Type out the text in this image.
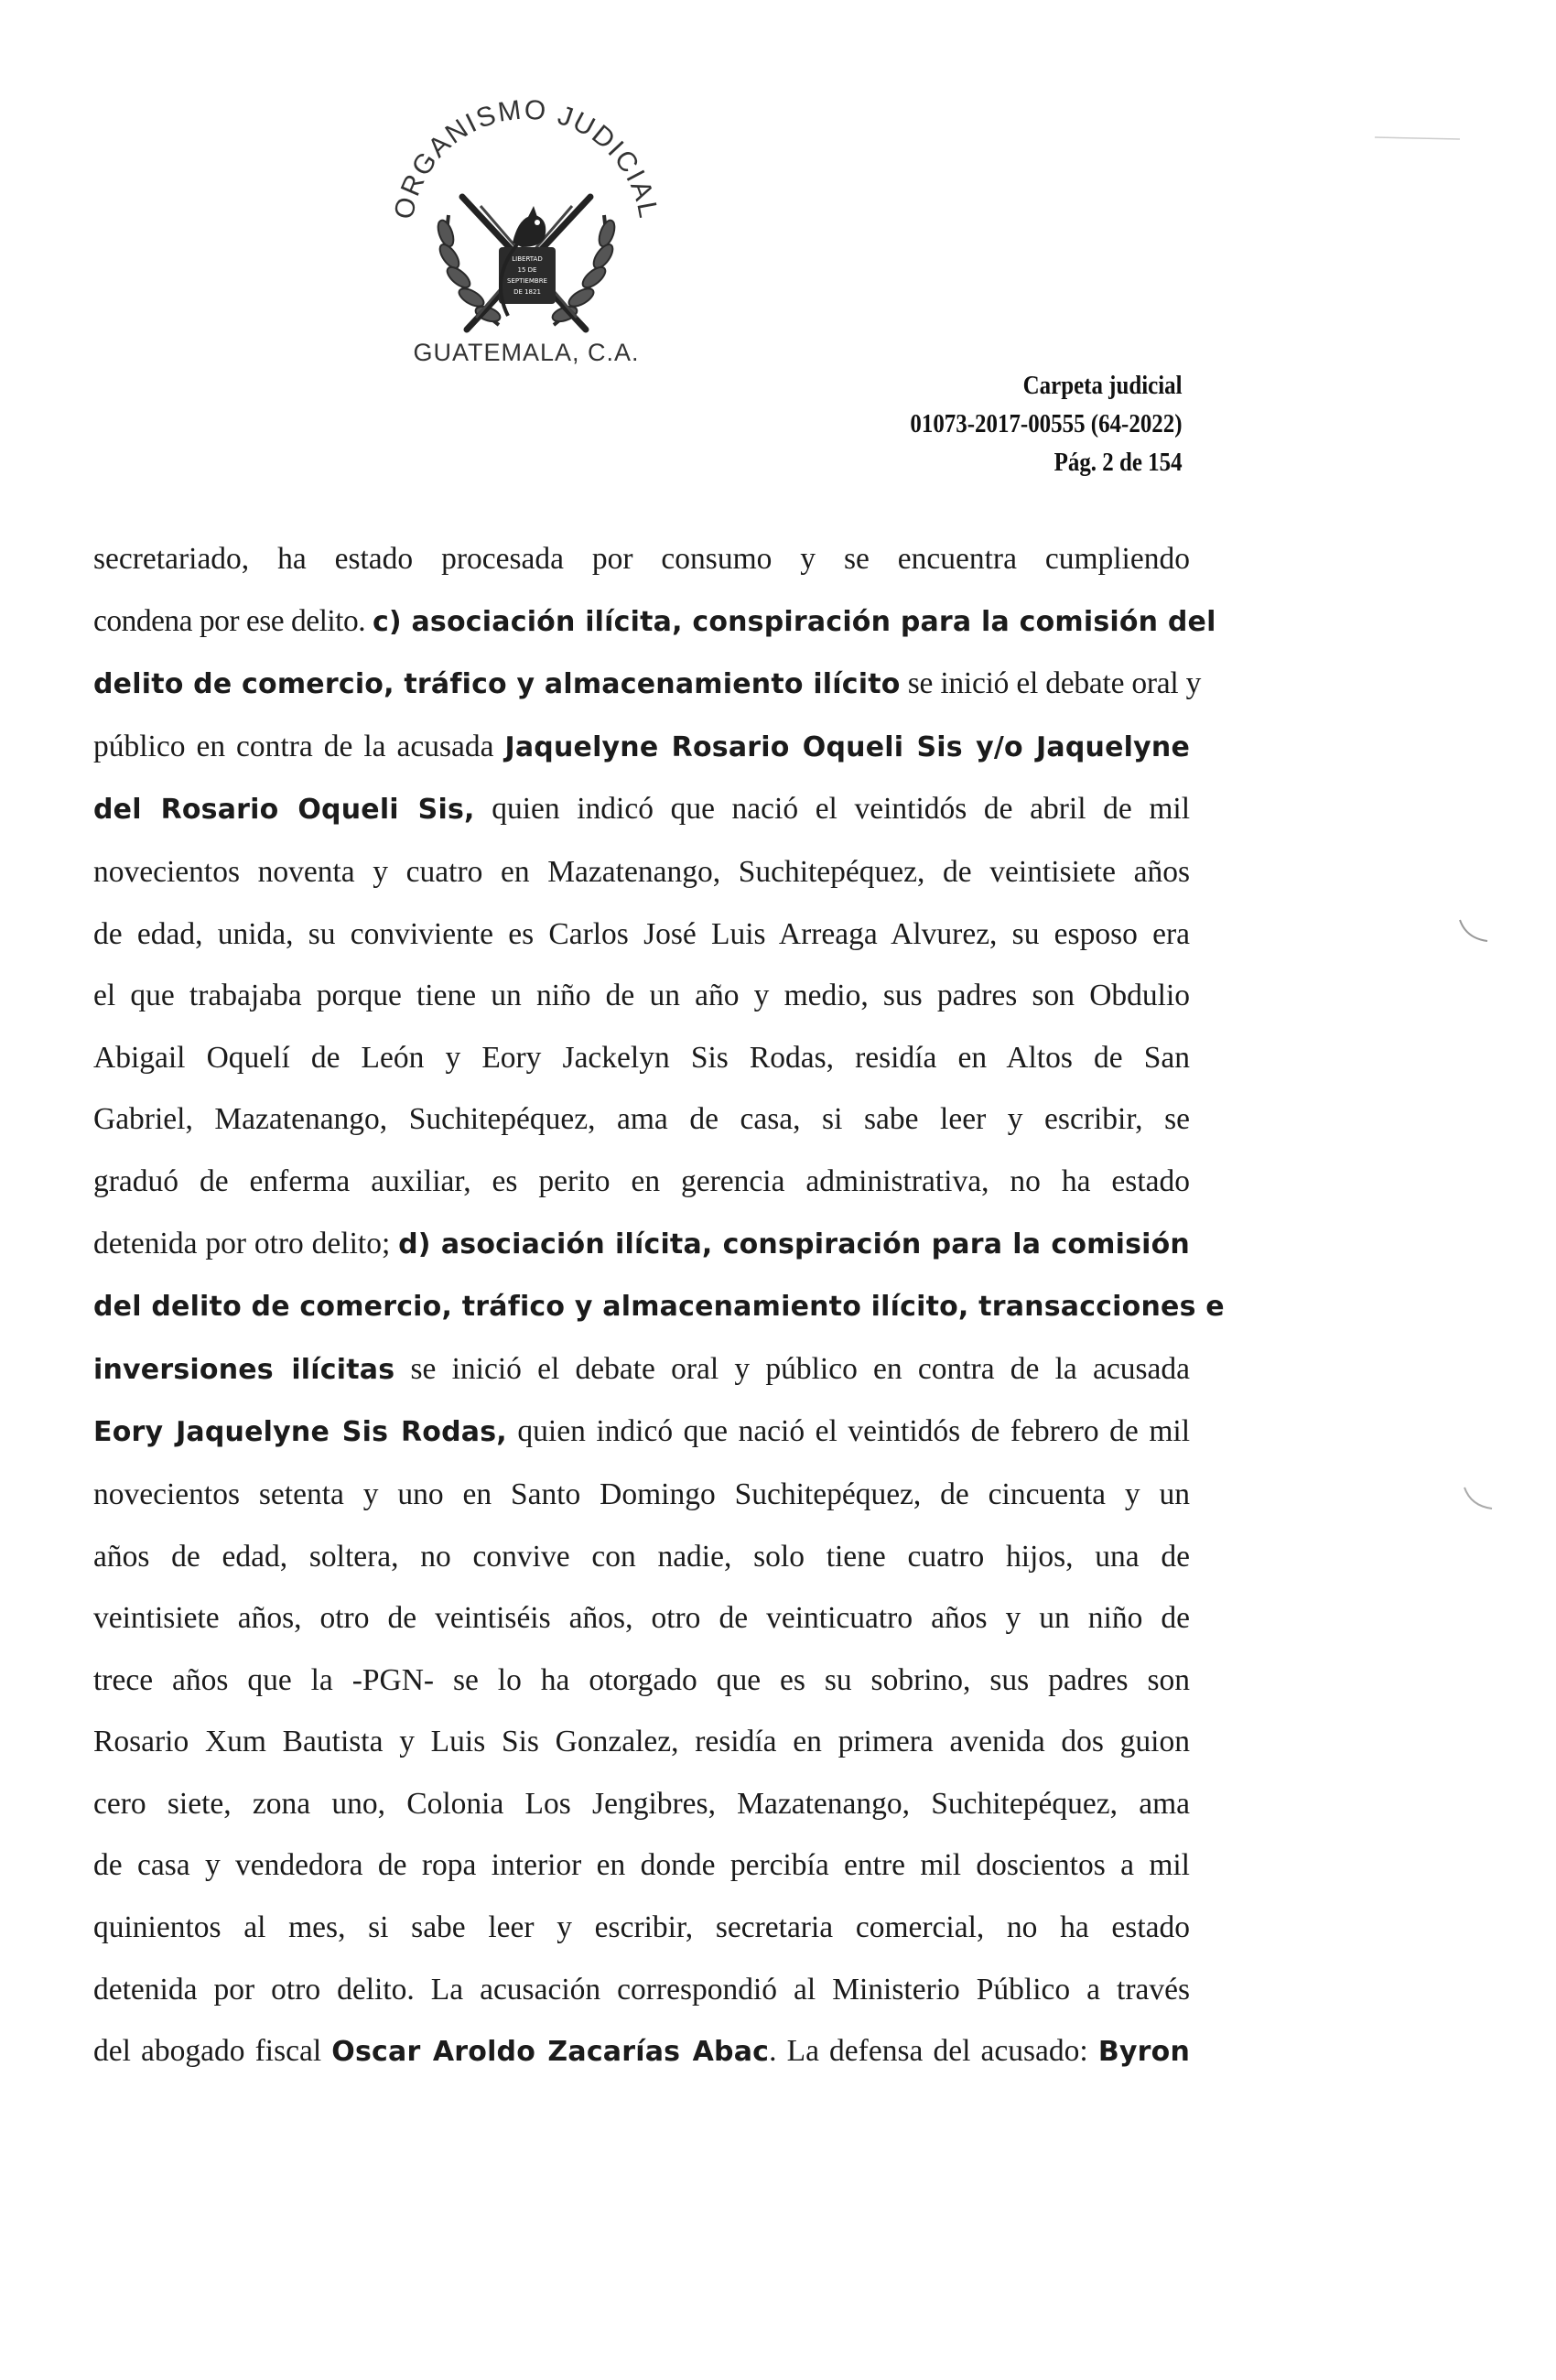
ORGANISMO JUDICIAL
LIBERTAD
15 DE
SEPTIEMBRE
DE 1821
GUATEMALA, C.A.
Carpeta judicial
01073-2017-00555 (64-2022)
Pág. 2 de 154
secretariado, ha estado procesada por consumo y se encuentra cumpliendo
condena por ese delito. c) asociación ilícita, conspiración para la comisión del
delito de comercio, tráfico y almacenamiento ilícito se inició el debate oral y
público en contra de la acusada Jaquelyne Rosario Oqueli Sis y/o Jaquelyne
del Rosario Oqueli Sis, quien indicó que nació el veintidós de abril de mil
novecientos noventa y cuatro en Mazatenango, Suchitepéquez, de veintisiete años
de edad, unida, su conviviente es Carlos José Luis Arreaga Alvurez, su esposo era
el que trabajaba porque tiene un niño de un año y medio, sus padres son Obdulio
Abigail Oquelí de León y Eory Jackelyn Sis Rodas, residía en Altos de San
Gabriel, Mazatenango, Suchitepéquez, ama de casa, si sabe leer y escribir, se
graduó de enferma auxiliar, es perito en gerencia administrativa, no ha estado
detenida por otro delito; d) asociación ilícita, conspiración para la comisión
del delito de comercio, tráfico y almacenamiento ilícito, transacciones e
inversiones ilícitas se inició el debate oral y público en contra de la acusada
Eory Jaquelyne Sis Rodas, quien indicó que nació el veintidós de febrero de mil
novecientos setenta y uno en Santo Domingo Suchitepéquez, de cincuenta y un
años de edad, soltera, no convive con nadie, solo tiene cuatro hijos, una de
veintisiete años, otro de veintiséis años, otro de veinticuatro años y un niño de
trece años que la -PGN- se lo ha otorgado que es su sobrino, sus padres son
Rosario Xum Bautista y Luis Sis Gonzalez, residía en primera avenida dos guion
cero siete, zona uno, Colonia Los Jengibres, Mazatenango, Suchitepéquez, ama
de casa y vendedora de ropa interior en donde percibía entre mil doscientos a mil
quinientos al mes, si sabe leer y escribir, secretaria comercial, no ha estado
detenida por otro delito. La acusación correspondió al Ministerio Público a través
del abogado fiscal Oscar Aroldo Zacarías Abac. La defensa del acusado: Byron
